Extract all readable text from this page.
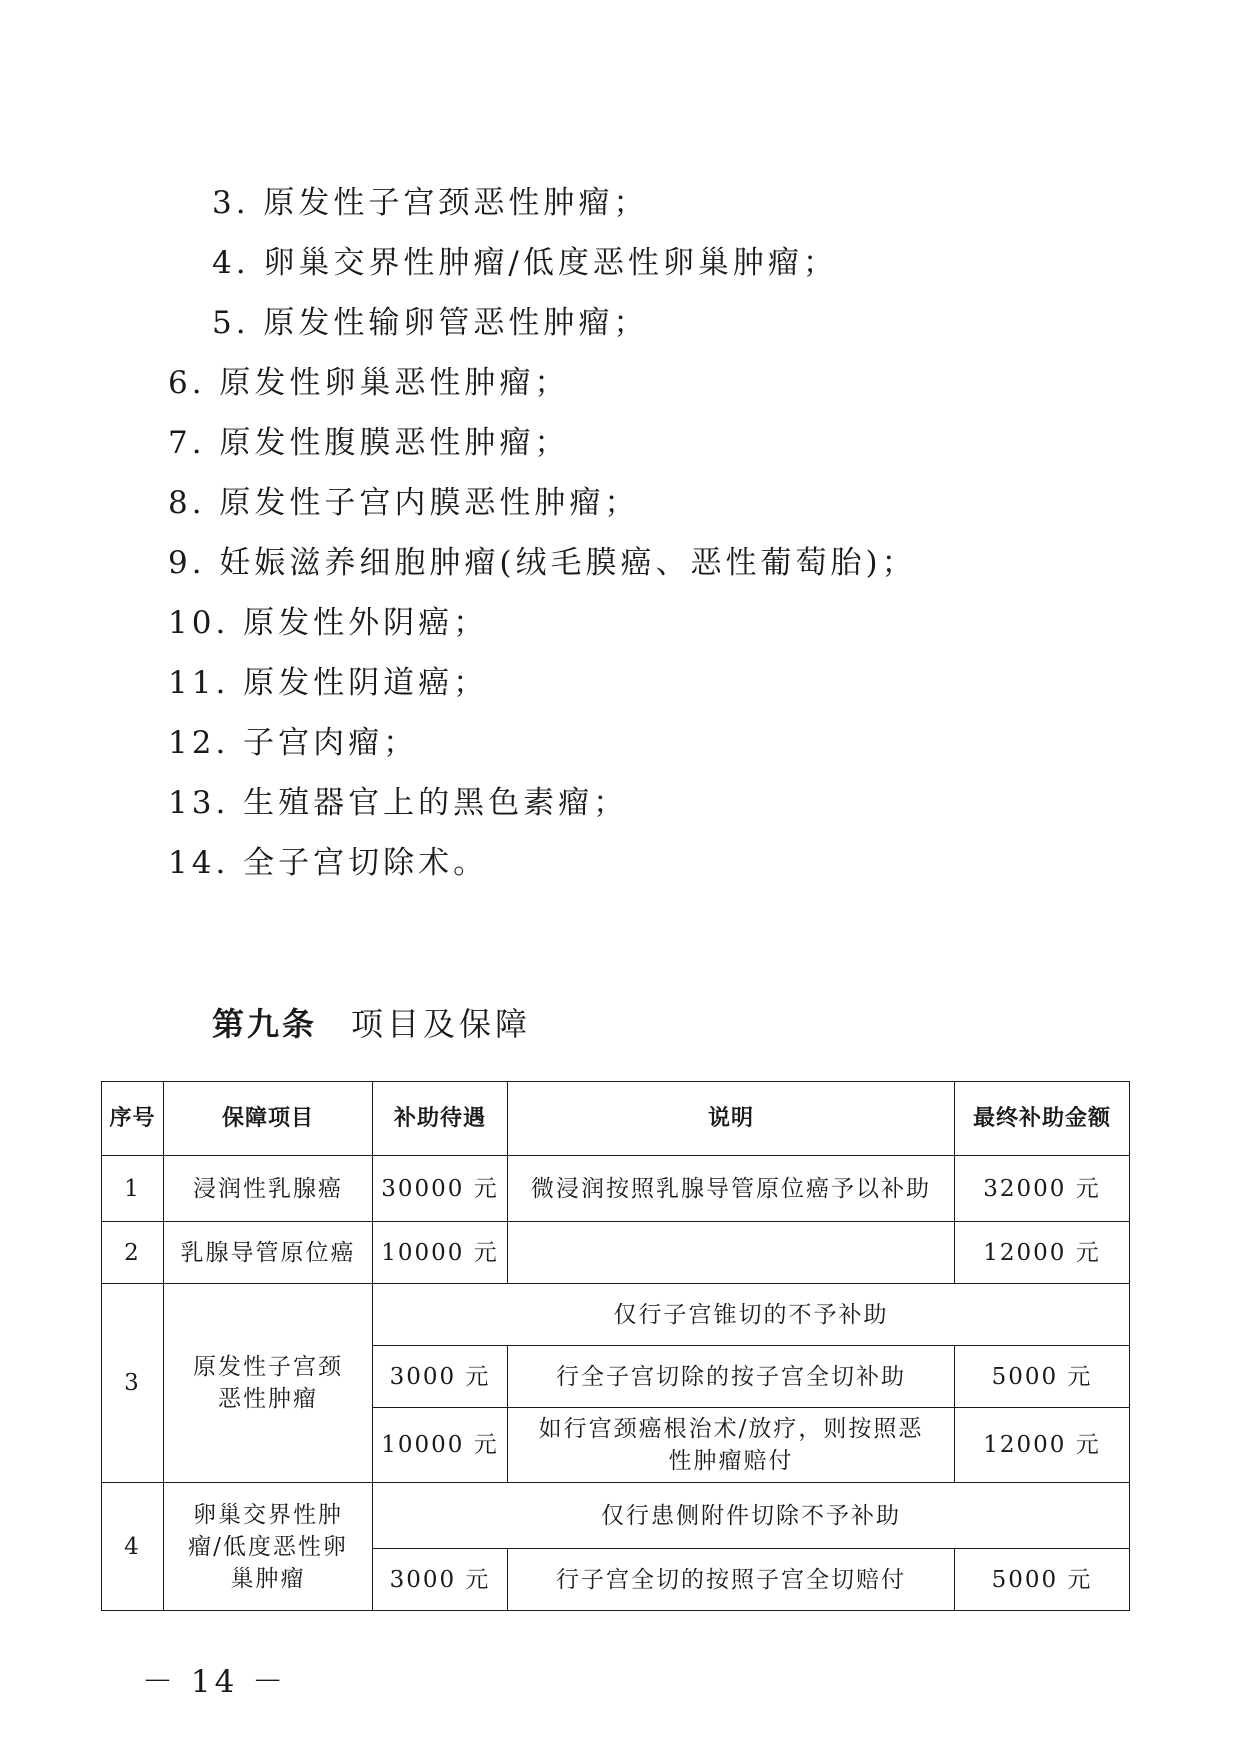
3. 原发性子宫颈恶性肿瘤；
4. 卵巢交界性肿瘤/低度恶性卵巢肿瘤；
5. 原发性输卵管恶性肿瘤；
6. 原发性卵巢恶性肿瘤；
7. 原发性腹膜恶性肿瘤；
8. 原发性子宫内膜恶性肿瘤；
9. 妊娠滋养细胞肿瘤(绒毛膜癌、恶性葡萄胎)；
10. 原发性外阴癌；
11. 原发性阴道癌；
12. 子宫肉瘤；
13. 生殖器官上的黑色素瘤；
14. 全子宫切除术。
第九条 项目及保障
序号	保障项目	补助待遇	说明	最终补助金额
1	浸润性乳腺癌	30000 元	微浸润按照乳腺导管原位癌予以补助	32000 元
2	乳腺导管原位癌	10000 元		12000 元
3	原发性子宫颈恶性肿瘤	仅行子宫锥切的不予补助		
		3000 元	行全子宫切除的按子宫全切补助	5000 元
		10000 元	如行宫颈癌根治术/放疗，则按照恶性肿瘤赔付	12000 元
4	卵巢交界性肿瘤/低度恶性卵巢肿瘤	仅行患侧附件切除不予补助		
		3000 元	行子宫全切的按照子宫全切赔付	5000 元
－ 14 －
